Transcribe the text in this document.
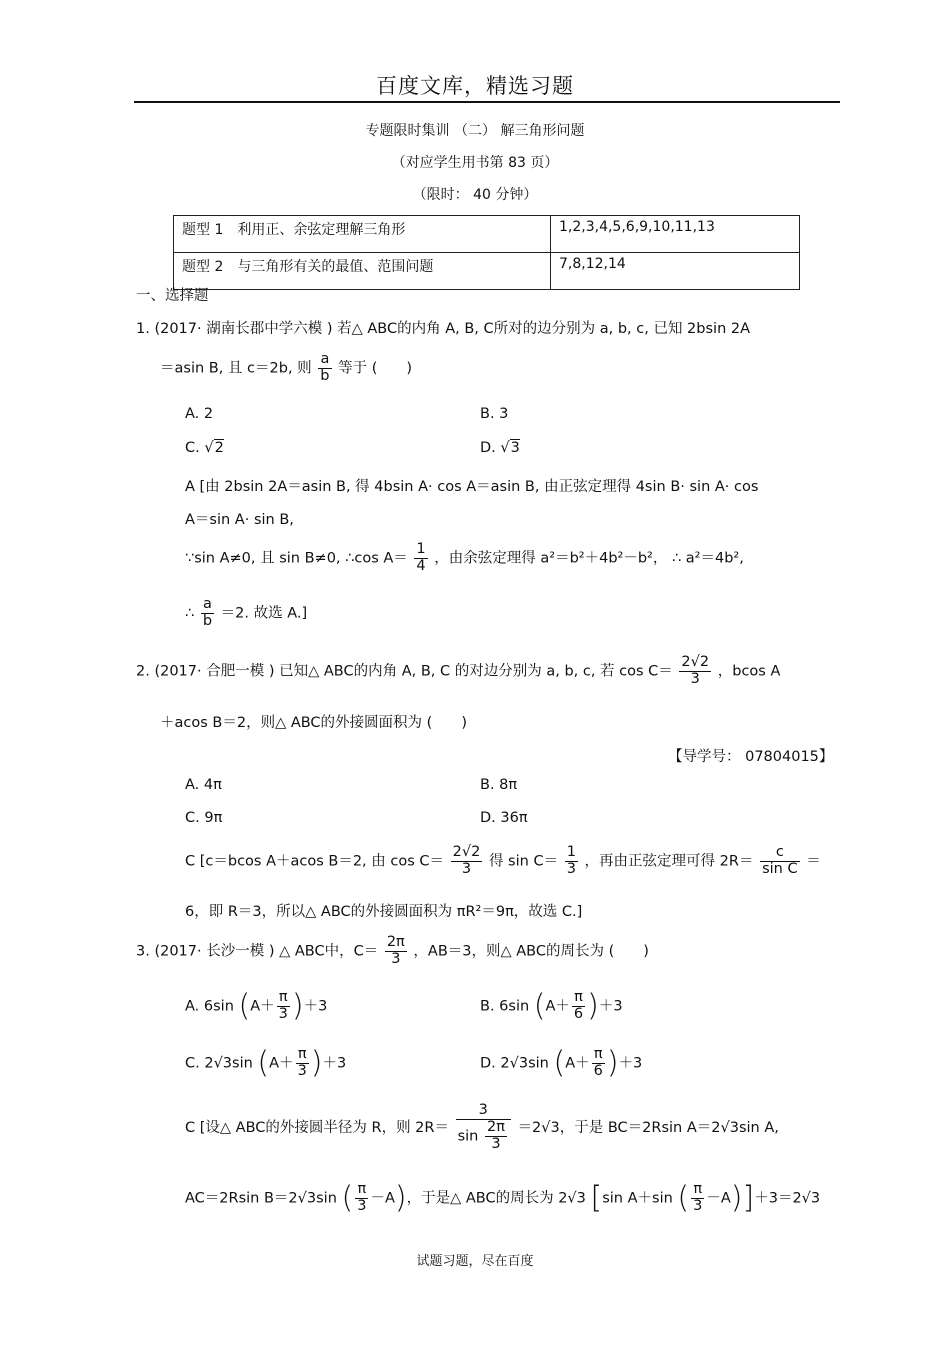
百度文库，精选习题
专题限时集训 （二） 解三角形问题
（对应学生用书第 83 页）
（限时： 40 分钟）
题型 1　利用正、余弦定理解三角形	1,2,3,4,5,6,9,10,11,13
题型 2　与三角形有关的最值、范围问题	7,8,12,14
一、选择题
1. (2017· 湖南长郡中学六模 ) 若△ ABC的内角 A, B, C所对的边分别为 a, b, c, 已知 2bsin 2A
＝asin B, 且 c＝2b, 则 $\frac{a}{b}$ 等于 (　　)
A. 2	B. 3
C. √2	D. √3
A [由 2bsin 2A＝asin B, 得 4bsin A· cos A＝asin B, 由正弦定理得 4sin B· sin A· cos
A＝sin A· sin B,
∵sin A≠0, 且 sin B≠0, ∴cos $A= \frac{1}{4}$ ，由余弦定理得 a²＝b²＋4b²－b²， ∴ a²＝4b²,
∴ $\frac{a}{b} =2$. 故选 A.]
2. (2017· 合肥一模 ) 已知△ ABC的内角 A, B, C 的对边分别为 a, b, c, 若 $\cos C= \frac{2√2}{3}$ ，bcos A
＋acos B＝2，则△ ABC的外接圆面积为 (　　)
【导学号： 07804015】
A. 4π	B. 8π
C. 9π	D. 36π
C [c＝bcos A＋acos B＝2, 由 $\cos C= \frac{2√2}{3}$ 得 $\sin C= \frac{1}{3}$ ，再由正弦定理可得 $2R= \frac{c}{\text{sin C}}$ ＝
6，即 R＝3，所以△ ABC的外接圆面积为 πR²＝9π，故选 C.]
3. (2017· 长沙一模 ) △ ABC中，$C= \frac{2\pi}{3}$ ，AB＝3，则△ ABC的周长为 (　　)
A. 6sin $(A+ \frac{\pi}{3} )+3$	B. 6sin $(A+ \frac{\pi}{6} )+3$
C. 2√3sin $(A+ \frac{\pi}{3} )+3$	D. 2√3sin $(A+ \frac{\pi}{6} )+3$
C [设△ ABC的外接圆半径为 R，则 $2R= \frac{3}{\sin \frac{2\pi}{3}} =2√3$，于是 BC＝2Rsin A＝2√3sin A,
AC＝2Rsin B＝2√3sin ( $\frac{\pi}{3} -A$)，于是△ ABC的周长为 2√3 [sin A＋sin ( $\frac{\pi}{3} -A)]+3=2√3$
试题习题，尽在百度
